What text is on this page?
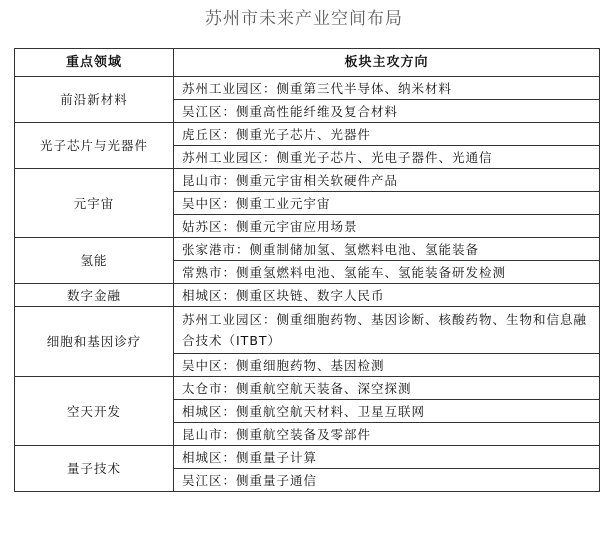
苏州市未来产业空间布局
重点领域	板块主攻方向
前沿新材料	苏州工业园区：侧重第三代半导体、纳米材料
	吴江区：侧重高性能纤维及复合材料
光子芯片与光器件	虎丘区：侧重光子芯片、光器件
	苏州工业园区：侧重光子芯片、光电子器件、光通信
元宇宙	昆山市：侧重元宇宙相关软硬件产品
	吴中区：侧重工业元宇宙
	姑苏区：侧重元宇宙应用场景
氢能	张家港市：侧重制储加氢、氢燃料电池、氢能装备
	常熟市：侧重氢燃料电池、氢能车、氢能装备研发检测
数字金融	相城区：侧重区块链、数字人民币
细胞和基因诊疗	苏州工业园区：侧重细胞药物、基因诊断、核酸药物、生物和信息融合技术（ITBT）
	吴中区：侧重细胞药物、基因检测
空天开发	太仓市：侧重航空航天装备、深空探测
	相城区：侧重航空航天材料、卫星互联网
	昆山市：侧重航空装备及零部件
量子技术	相城区：侧重量子计算
	吴江区：侧重量子通信
